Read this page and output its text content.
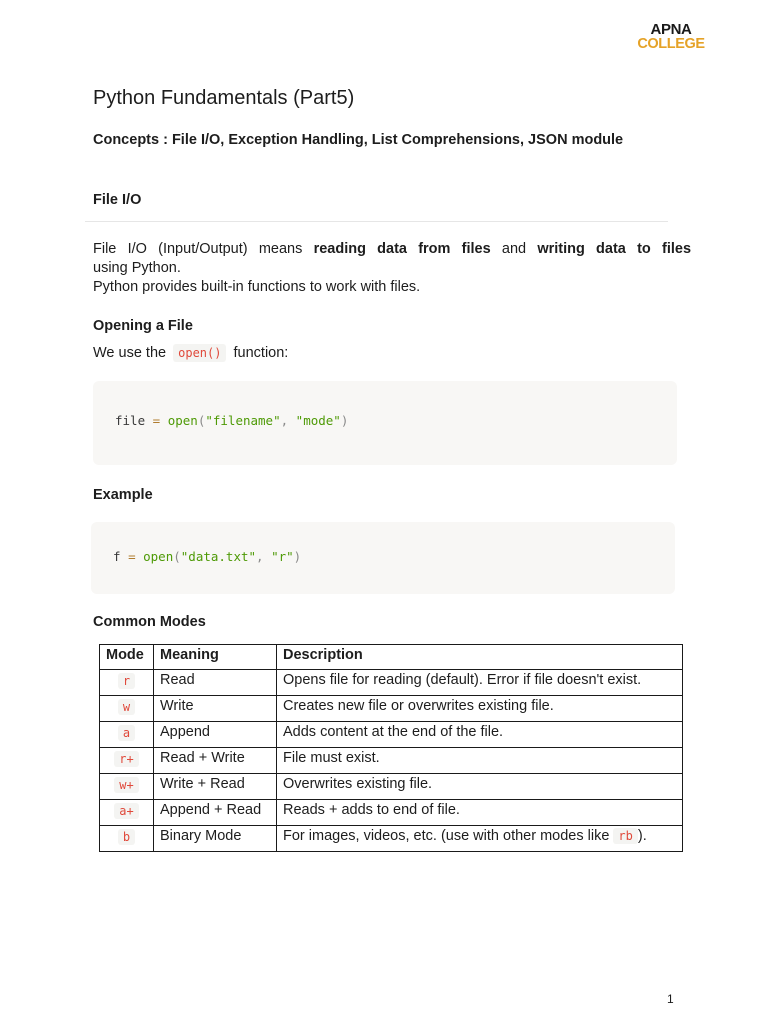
APNA
COLLEGE
Python Fundamentals (Part5)
Concepts : File I/O, Exception Handling, List Comprehensions, JSON module
File I/O
File I/O (Input/Output) means reading data from files and writing data to files
using Python.
Python provides built-in functions to work with files.
Opening a File
We use the open() function:
file = open("filename", "mode")
Example
f = open("data.txt", "r")
Common Modes
Mode	Meaning	Description
r	Read	Opens file for reading (default). Error if file doesn't exist.
w	Write	Creates new file or overwrites existing file.
a	Append	Adds content at the end of the file.
r+	Read + Write	File must exist.
w+	Write + Read	Overwrites existing file.
a+	Append + Read	Reads + adds to end of file.
b	Binary Mode	For images, videos, etc. (use with other modes like rb ).
1
